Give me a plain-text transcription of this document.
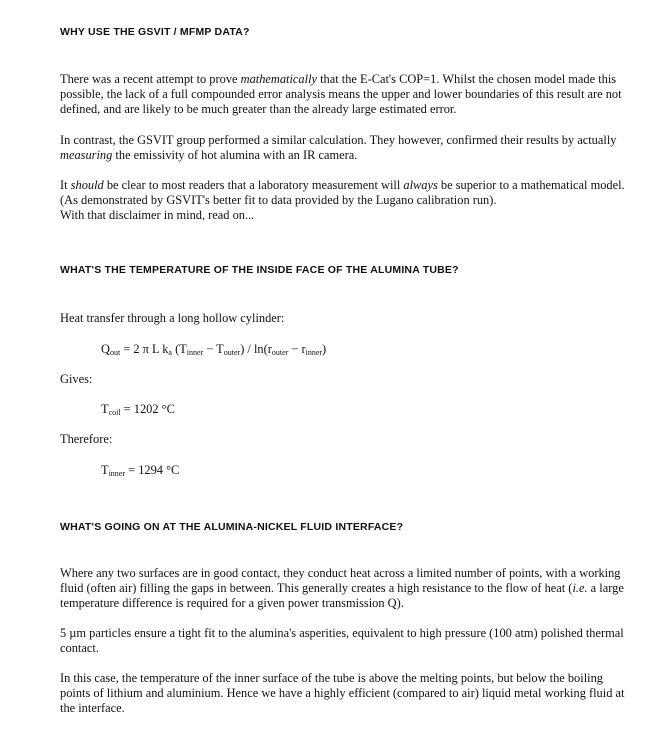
WHY USE THE GSVIT / MFMP DATA?
There was a recent attempt to prove mathematically that the E-Cat's COP=1. Whilst the chosen model made this possible, the lack of a full compounded error analysis means the upper and lower boundaries of this result are not defined, and are likely to be much greater than the already large estimated error.
In contrast, the GSVIT group performed a similar calculation. They however, confirmed their results by actually measuring the emissivity of hot alumina with an IR camera.
It should be clear to most readers that a laboratory measurement will always be superior to a mathematical model. (As demonstrated by GSVIT's better fit to data provided by the Lugano calibration run).
With that disclaimer in mind, read on...
WHAT'S THE TEMPERATURE OF THE INSIDE FACE OF THE ALUMINA TUBE?
Heat transfer through a long hollow cylinder:
$Q_{out} = 2$ π L $k_a$ $(T_{inner} - T_{outer}) / \ln(r_{outer} - r_{inner})$
Gives:
$T_{coil} = 1202$ °C
Therefore:
$T_{inner} = 1294$ °C
WHAT'S GOING ON AT THE ALUMINA-NICKEL FLUID INTERFACE?
Where any two surfaces are in good contact, they conduct heat across a limited number of points, with a working fluid (often air) filling the gaps in between. This generally creates a high resistance to the flow of heat (i.e. a large temperature difference is required for a given power transmission Q).
5 µm particles ensure a tight fit to the alumina's asperities, equivalent to high pressure (100 atm) polished thermal contact.
In this case, the temperature of the inner surface of the tube is above the melting points, but below the boiling points of lithium and aluminium. Hence we have a highly efficient (compared to air) liquid metal working fluid at the interface.
